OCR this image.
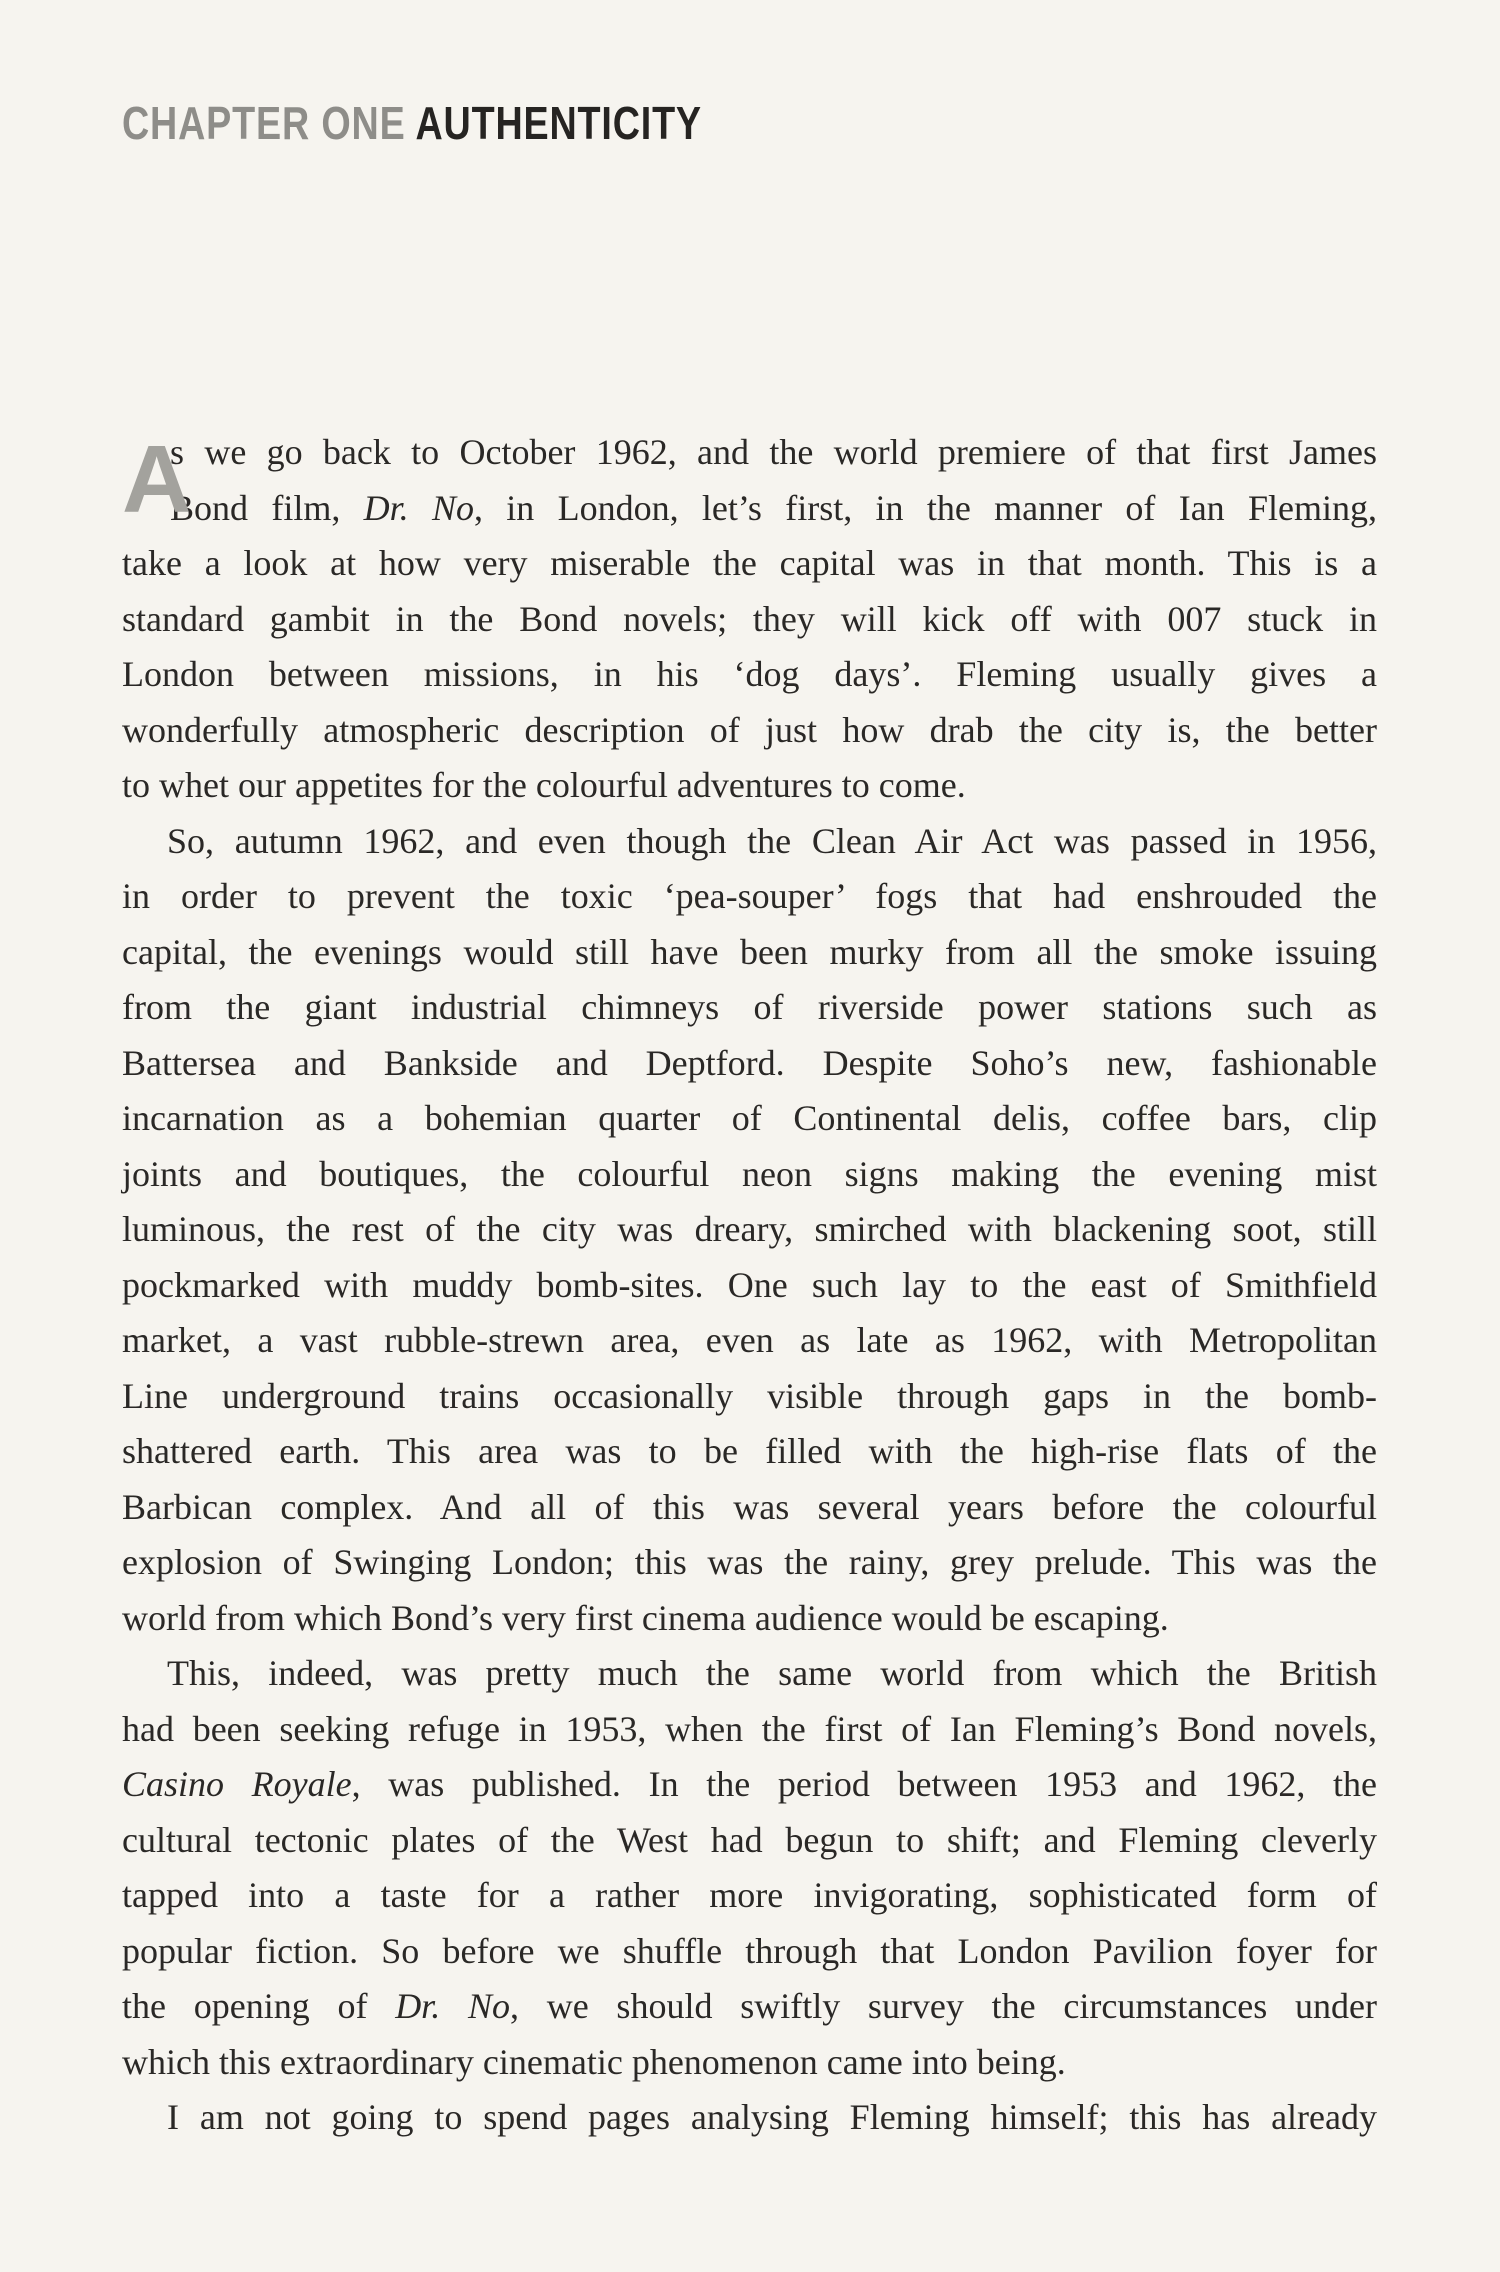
CHAPTER ONE AUTHENTICITY
A
s we go back to October 1962, and the world premiere of that first James
Bond film, Dr. No, in London, let’s first, in the manner of Ian Fleming,
take a look at how very miserable the capital was in that month. This is a
standard gambit in the Bond novels; they will kick off with 007 stuck in
London between missions, in his ‘dog days’. Fleming usually gives a
wonderfully atmospheric description of just how drab the city is, the better
to whet our appetites for the colourful adventures to come.
So, autumn 1962, and even though the Clean Air Act was passed in 1956,
in order to prevent the toxic ‘pea-souper’ fogs that had enshrouded the
capital, the evenings would still have been murky from all the smoke issuing
from the giant industrial chimneys of riverside power stations such as
Battersea and Bankside and Deptford. Despite Soho’s new, fashionable
incarnation as a bohemian quarter of Continental delis, coffee bars, clip
joints and boutiques, the colourful neon signs making the evening mist
luminous, the rest of the city was dreary, smirched with blackening soot, still
pockmarked with muddy bomb-sites. One such lay to the east of Smithfield
market, a vast rubble-strewn area, even as late as 1962, with Metropolitan
Line underground trains occasionally visible through gaps in the bomb-
shattered earth. This area was to be filled with the high-rise flats of the
Barbican complex. And all of this was several years before the colourful
explosion of Swinging London; this was the rainy, grey prelude. This was the
world from which Bond’s very first cinema audience would be escaping.
This, indeed, was pretty much the same world from which the British
had been seeking refuge in 1953, when the first of Ian Fleming’s Bond novels,
Casino Royale, was published. In the period between 1953 and 1962, the
cultural tectonic plates of the West had begun to shift; and Fleming cleverly
tapped into a taste for a rather more invigorating, sophisticated form of
popular fiction. So before we shuffle through that London Pavilion foyer for
the opening of Dr. No, we should swiftly survey the circumstances under
which this extraordinary cinematic phenomenon came into being.
I am not going to spend pages analysing Fleming himself; this has already
